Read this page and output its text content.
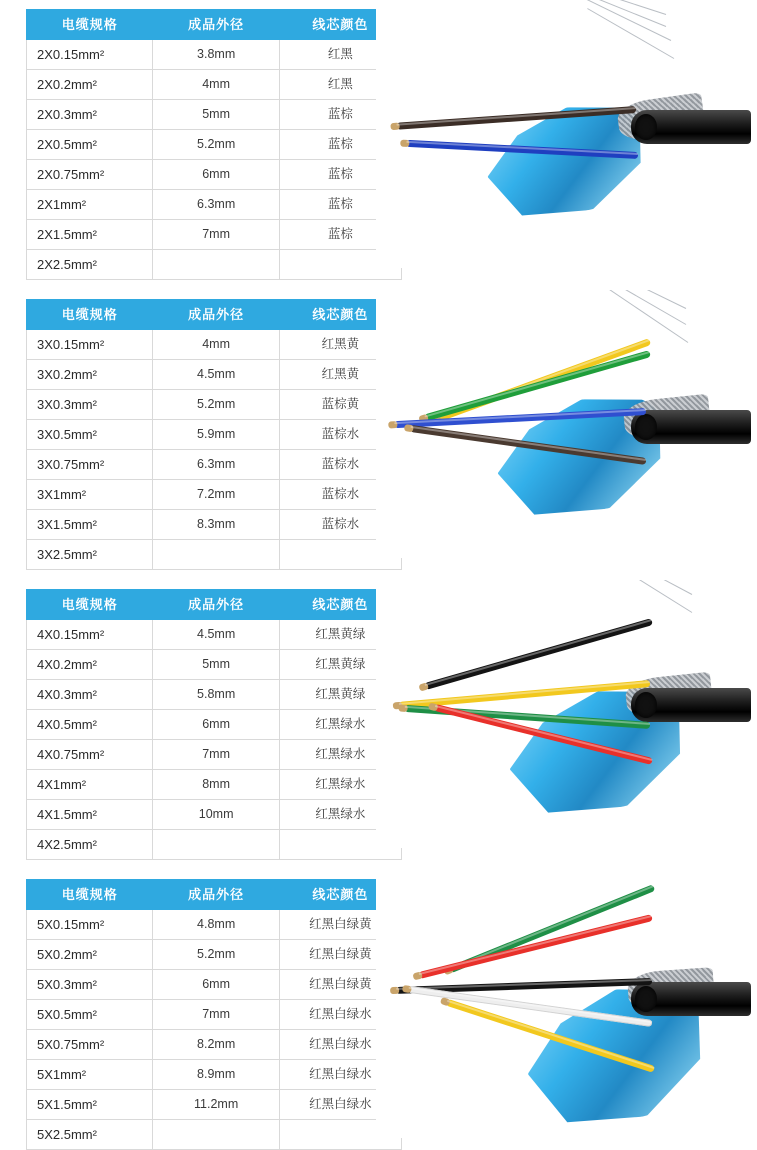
电缆规格	成品外径	线芯颜色
2X0.15mm²	3.8mm	红黑
2X0.2mm²	4mm	红黑
2X0.3mm²	5mm	蓝棕
2X0.5mm²	5.2mm	蓝棕
2X0.75mm²	6mm	蓝棕
2X1mm²	6.3mm	蓝棕
2X1.5mm²	7mm	蓝棕
2X2.5mm²		
电缆规格	成品外径	线芯颜色
3X0.15mm²	4mm	红黑黄
3X0.2mm²	4.5mm	红黑黄
3X0.3mm²	5.2mm	蓝棕黄
3X0.5mm²	5.9mm	蓝棕水
3X0.75mm²	6.3mm	蓝棕水
3X1mm²	7.2mm	蓝棕水
3X1.5mm²	8.3mm	蓝棕水
3X2.5mm²		
电缆规格	成品外径	线芯颜色
4X0.15mm²	4.5mm	红黑黄绿
4X0.2mm²	5mm	红黑黄绿
4X0.3mm²	5.8mm	红黑黄绿
4X0.5mm²	6mm	红黑绿水
4X0.75mm²	7mm	红黑绿水
4X1mm²	8mm	红黑绿水
4X1.5mm²	10mm	红黑绿水
4X2.5mm²		
电缆规格	成品外径	线芯颜色
5X0.15mm²	4.8mm	红黑白绿黄
5X0.2mm²	5.2mm	红黑白绿黄
5X0.3mm²	6mm	红黑白绿黄
5X0.5mm²	7mm	红黑白绿水
5X0.75mm²	8.2mm	红黑白绿水
5X1mm²	8.9mm	红黑白绿水
5X1.5mm²	11.2mm	红黑白绿水
5X2.5mm²		
